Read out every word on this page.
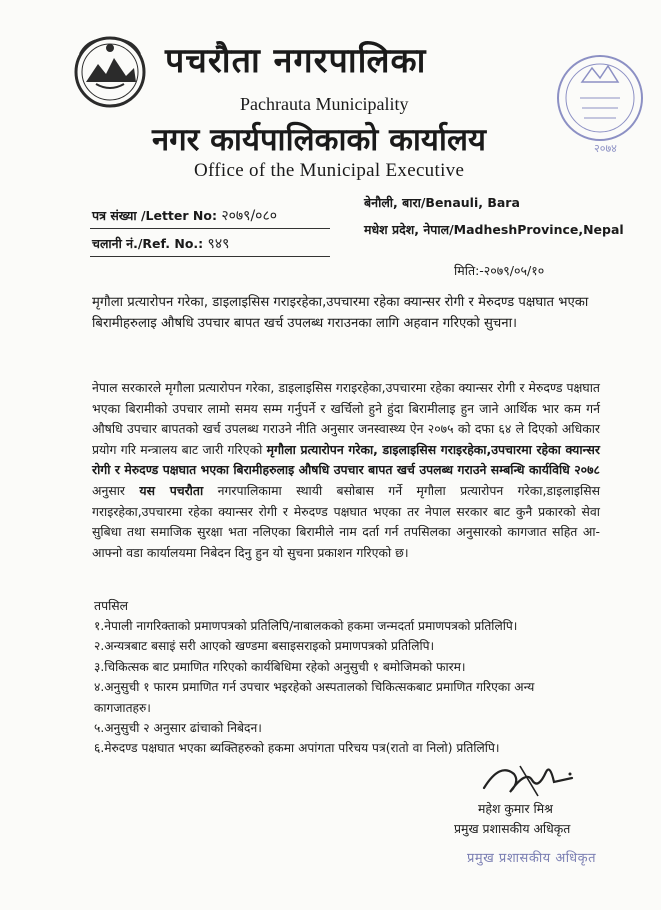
२०७४
पचरौता नगरपालिका
Pachrauta Municipality
नगर कार्यपालिकाको कार्यालय
Office of the Municipal Executive
पत्र संख्या /Letter No: २०७९/०८०
चलानी नं./Ref. No.: ९४९
बेनौली, बारा/Benauli, Bara
मधेश प्रदेश, नेपाल/MadheshProvince,Nepal
मिति:-२०७९/०५/१०
मृगौला प्रत्यारोपन गरेका, डाइलाइसिस गराइरहेका,उपचारमा रहेका क्यान्सर रोगी र मेरुदण्ड पक्षघात भएका बिरामीहरुलाइ औषधि उपचार बापत खर्च उपलब्ध गराउनका लागि अहवान गरिएको सुचना।
नेपाल सरकारले मृगौला प्रत्यारोपन गरेका, डाइलाइसिस गराइरहेका,उपचारमा रहेका क्यान्सर रोगी र मेरुदण्ड पक्षघात भएका बिरामीको उपचार लामो समय सम्म गर्नुपर्ने र खर्चिलो हुने हुंदा बिरामीलाइ हुन जाने आर्थिक भार कम गर्न औषधि उपचार बापतको खर्च उपलब्ध गराउने नीति अनुसार जनस्वास्थ्य ऐन २०७५ को दफा ६४ ले दिएको अधिकार प्रयोग गरि मन्त्रालय बाट जारी गरिएको मृगौला प्रत्यारोपन गरेका, डाइलाइसिस गराइरहेका,उपचारमा रहेका क्यान्सर रोगी र मेरुदण्ड पक्षघात भएका बिरामीहरुलाइ औषधि उपचार बापत खर्च उपलब्ध गराउने सम्बन्धि कार्यविधि २०७८ अनुसार यस पचरौता नगरपालिकामा स्थायी बसोबास गर्ने मृगौला प्रत्यारोपन गरेका,डाइलाइसिस गराइरहेका,उपचारमा रहेका क्यान्सर रोगी र मेरुदण्ड पक्षघात भएका तर नेपाल सरकार बाट कुनै प्रकारको सेवा सुबिधा तथा समाजिक सुरक्षा भता नलिएका बिरामीले नाम दर्ता गर्न तपसिलका अनुसारको कागजात सहित आ-आफ्नो वडा कार्यालयमा निबेदन दिनु हुन यो सुचना प्रकाशन गरिएको छ।
तपसिल
१.नेपाली नागरिक्ताको प्रमाणपत्रको प्रतिलिपि/नाबालकको हकमा जन्मदर्ता प्रमाणपत्रको प्रतिलिपि।
२.अन्यत्रबाट बसाइं सरी आएको खण्डमा बसाइसराइको प्रमाणपत्रको प्रतिलिपि।
३.चिकित्सक बाट प्रमाणित गरिएको कार्यबिधिमा रहेको अनुसुची १ बमोजिमको फारम।
४.अनुसुची १ फारम प्रमाणित गर्न उपचार भइरहेको अस्पतालको चिकित्सकबाट प्रमाणित गरिएका अन्य कागजातहरु।
५.अनुसुची २ अनुसार ढांचाको निबेदन।
६.मेरुदण्ड पक्षघात भएका ब्यक्तिहरुको हकमा अपांगता परिचय पत्र(रातो वा निलो) प्रतिलिपि।
महेश कुमार मिश्र
प्रमुख प्रशासकीय अधिकृत
प्रमुख प्रशासकीय अधिकृत
